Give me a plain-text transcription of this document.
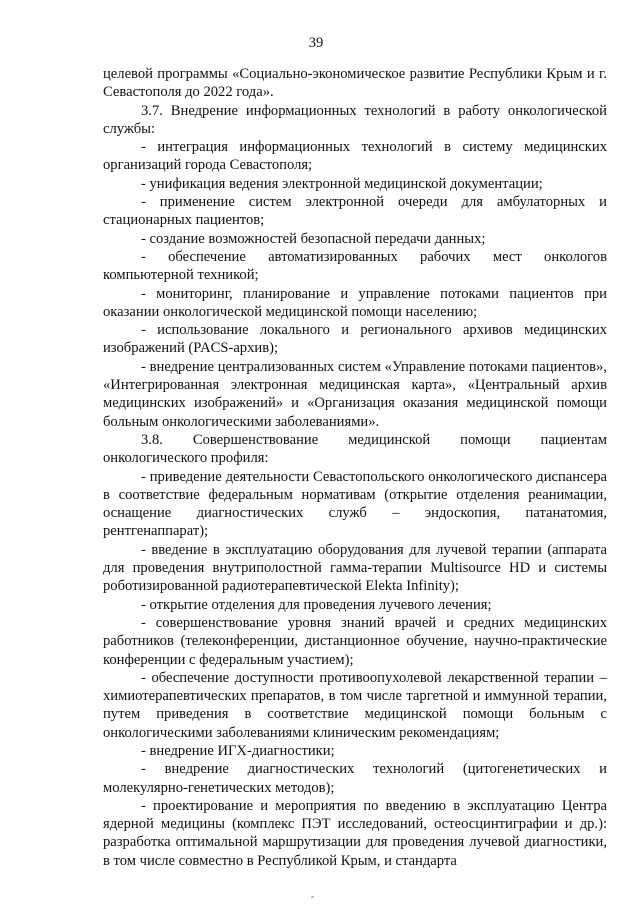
39

целевой программы «Социально-экономическое развитие Республики Крым и г. Севастополя до 2022 года».

3.7. Внедрение информационных технологий в работу онкологической службы:

- интеграция информационных технологий в систему медицинских организаций города Севастополя;

- унификация ведения электронной медицинской документации;

- применение систем электронной очереди для амбулаторных и стационарных пациентов;

- создание возможностей безопасной передачи данных;

- обеспечение автоматизированных рабочих мест онкологов компьютерной техникой;

- мониторинг, планирование и управление потоками пациентов при оказании онкологической медицинской помощи населению;

- использование локального и регионального архивов медицинских изображений (PACS-архив);

- внедрение централизованных систем «Управление потоками пациентов», «Интегрированная электронная медицинская карта», «Центральный архив медицинских изображений» и «Организация оказания медицинской помощи больным онкологическими заболеваниями».

3.8. Совершенствование медицинской помощи пациентам онкологического профиля:

- приведение деятельности Севастопольского онкологического диспансера в соответствие федеральным нормативам (открытие отделения реанимации, оснащение диагностических служб – эндоскопия, патанатомия, рентгенаппарат);

- введение в эксплуатацию оборудования для лучевой терапии (аппарата для проведения внутриполостной гамма-терапии Multisource HD и системы роботизированной радиотерапевтической Elekta Infinity);

- открытие отделения для проведения лучевого лечения;

- совершенствование уровня знаний врачей и средних медицинских работников (телеконференции, дистанционное обучение, научно-практические конференции с федеральным участием);

- обеспечение доступности противоопухолевой лекарственной терапии – химиотерапевтических препаратов, в том числе таргетной и иммунной терапии, путем приведения в соответствие медицинской помощи больным с онкологическими заболеваниями клиническим рекомендациям;

- внедрение ИГХ-диагностики;

- внедрение диагностических технологий (цитогенетических и молекулярно-генетических методов);

- проектирование и мероприятия по введению в эксплуатацию Центра ядерной медицины (комплекс ПЭТ исследований, остеосцинтиграфии и др.): разработка оптимальной маршрутизации для проведения лучевой диагностики, в том числе совместно в Республикой Крым, и стандарта
